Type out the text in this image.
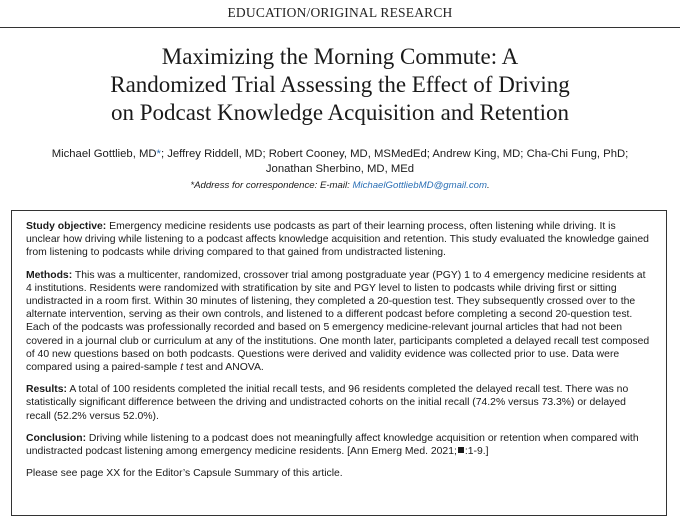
EDUCATION/ORIGINAL RESEARCH
Maximizing the Morning Commute: A
Randomized Trial Assessing the Effect of Driving
on Podcast Knowledge Acquisition and Retention
Michael Gottlieb, MD*; Jeffrey Riddell, MD; Robert Cooney, MD, MSMedEd; Andrew King, MD; Cha-Chi Fung, PhD;
Jonathan Sherbino, MD, MEd
*Address for correspondence: E-mail: MichaelGottliebMD@gmail.com.

Study objective: Emergency medicine residents use podcasts as part of their learning process, often listening while driving. It is unclear how driving while listening to a podcast affects knowledge acquisition and retention. This study evaluated the knowledge gained from listening to podcasts while driving compared to that gained from undistracted listening.

Methods: This was a multicenter, randomized, crossover trial among postgraduate year (PGY) 1 to 4 emergency medicine residents at 4 institutions. Residents were randomized with stratification by site and PGY level to listen to podcasts while driving first or sitting undistracted in a room first. Within 30 minutes of listening, they completed a 20-question test. They subsequently crossed over to the alternate intervention, serving as their own controls, and listened to a different podcast before completing a second 20-question test. Each of the podcasts was professionally recorded and based on 5 emergency medicine-relevant journal articles that had not been covered in a journal club or curriculum at any of the institutions. One month later, participants completed a delayed recall test composed of 40 new questions based on both podcasts. Questions were derived and validity evidence was collected prior to use. Data were compared using a paired-sample t test and ANOVA.

Results: A total of 100 residents completed the initial recall tests, and 96 residents completed the delayed recall test. There was no statistically significant difference between the driving and undistracted cohorts on the initial recall (74.2% versus 73.3%) or delayed recall (52.2% versus 52.0%).

Conclusion: Driving while listening to a podcast does not meaningfully affect knowledge acquisition or retention when compared with undistracted podcast listening among emergency medicine residents. [Ann Emerg Med. 2021; :1-9.]

Please see page XX for the Editor’s Capsule Summary of this article.
